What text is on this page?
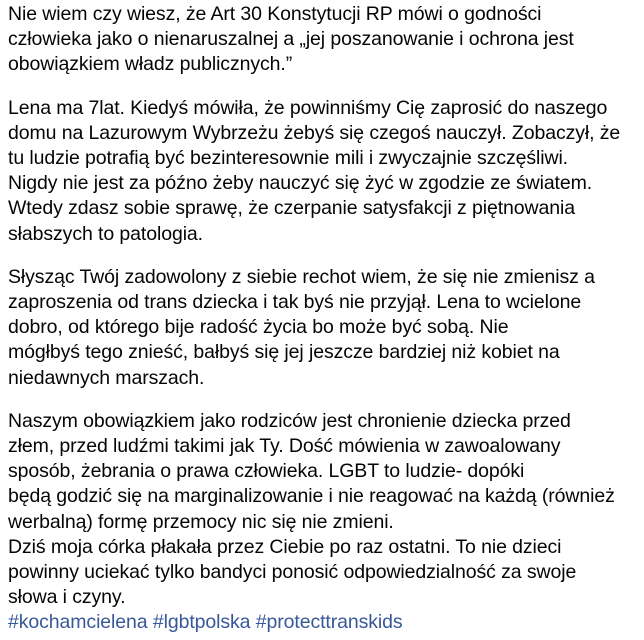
Nie wiem czy wiesz, że Art 30 Konstytucji RP mówi o godności
człowieka jako o nienaruszalnej a „jej poszanowanie i ochrona jest
obowiązkiem władz publicznych.”

Lena ma 7lat. Kiedyś mówiła, że powinniśmy Cię zaprosić do naszego
domu na Lazurowym Wybrzeżu żebyś się czegoś nauczył. Zobaczył, że
tu ludzie potrafią być bezinteresownie mili i zwyczajnie szczęśliwi.
Nigdy nie jest za późno żeby nauczyć się żyć w zgodzie ze światem.
Wtedy zdasz sobie sprawę, że czerpanie satysfakcji z piętnowania
słabszych to patologia.

Słysząc Twój zadowolony z siebie rechot wiem, że się nie zmienisz a
zaproszenia od trans dziecka i tak byś nie przyjął. Lena to wcielone
dobro, od którego bije radość życia bo może być sobą. Nie
mógłbyś tego znieść, bałbyś się jej jeszcze bardziej niż kobiet na
niedawnych marszach.

Naszym obowiązkiem jako rodziców jest chronienie dziecka przed
złem, przed ludźmi takimi jak Ty. Dość mówienia w zawoalowany
sposób, żebrania o prawa człowieka. LGBT to ludzie- dopóki
będą godzić się na marginalizowanie i nie reagować na każdą (również
werbalną) formę przemocy nic się nie zmieni.
Dziś moja córka płakała przez Ciebie po raz ostatni. To nie dzieci
powinny uciekać tylko bandyci ponosić odpowiedzialność za swoje
słowa i czyny.

#kochamcielena #lgbtpolska #protecttranskids
